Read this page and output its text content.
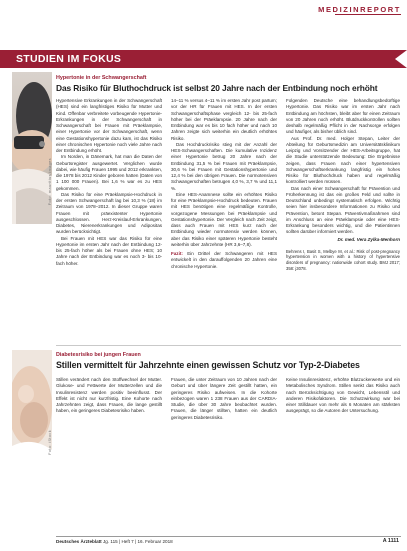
MEDIZINREPORT
STUDIEN IM FOKUS
Foto: mauritius images
Hypertonie in der Schwangerschaft
Das Risiko für Bluthochdruck ist selbst 20 Jahre nach der Entbindung noch erhöht

Hypertensive Erkrankungen in der Schwangerschaft (HES) sind ein langfristiges Risiko für Mutter und Kind. Offenbar verbreitete vorbeugende Hypertonie-Erkrankungen in der Schwangerschaft in Schwangerschaft bei Frauen mit Präeklampsie, einer Hypertonie vor der Schwangerschaft, wenn eine Gestationshypertonie dazu kam, ist das Risiko einer chronischen Hypertonie noch viele Jahre nach der Entbindung erhöht.

Im Norden, in Dänemark, hat man die Daten der Geburtsregister ausgewertet. Verglichen wurde dabei, wie häufig Frauen 1995 und 2012 erkrankten, die 1978 bis 2012 Kinder geboren hatten (Daten von 1 100 000 Frauen). Bei 1,6 % war es zu HES gekommen.

Das Risiko für eine Präeklampsie-Hochdruck in der ersten Schwangerschaft lag bei 10,3 % (18) im Zeitraum von 1978–2012. In dieser Gruppe waren Frauen mit präexistenter Hypertonie ausgeschlossen. Herz-Kreislauf-Erkrankungen, Diabetes, Nierenerkrankungen und Adipositas wurden berücksichtigt.

Bei Frauen mit HES war das Risiko für eine Hypertonie im ersten Jahr nach der Entbindung 12- bis 25-fach höher als bei Frauen ohne HES; 10 Jahre nach der Entbindung war es noch 3- bis 10-fach höher.

14–11 % versus 4–11 % im ersten Jahr post partum; vor der HR für Frauen mit HES. In der ersten Schwangerschaftsphase vergleich 12- bis 25-fach höher bei der Präeklampsie. 20 Jahre nach der Entbindung war es bis 10 fach höher und nach 10 Jahren zeigte sich weiterhin ein deutlich erhöhtes Risiko.

Das Hochdruckrisiko stieg mit der Anzahl der HES-Schwangerschaften. Die kumulative Inzidenz einer Hypertonie betrug 20 Jahre nach der Entbindung 31,5 % bei Frauen mit Präeklampsie, 30,6 % bei Frauen mit Gestationshypertonie und 12,4 % bei den übrigen Frauen. Die normotensiven Schwangerschaften betrugen 4,0 %, 3,7 % und 11,1 %.

Eine HES-Anamnese sollte ein erhöhtes Risiko für eine Präeklampsie-Hochdruck bedeuten. Frauen mit HES benötigen eine regelmäßige Kontrolle, vorgezogene Messungen bei Präeklampsie und Gestationshypertonie. Der Vergleich nach Zeit zeigt, dass auch Frauen mit HES kurz nach der Entbindung wieder normotensiv werden können, aber das Risiko einer späteren Hypertonie besteht weiterhin über Jahrzehnte (HR 3,6–7,8).

Fazit: Ein Drittel der Schwangeren mit HES entwickelt in den darauffolgenden 20 Jahren eine chronische Hypertonie.

Folgenden Deutsche eine behandlungsbedürftige Hypertonie. Das Risiko war im ersten Jahr nach Entbindung am höchsten, bleibt aber für einen Zeitraum von 20 Jahren noch erhöht. Blutdruckkontrollen sollten deshalb regelmäßig Pflicht in der Nachsorge erfolgen und häufiger, als bisher üblich sind.

Aus Prof. Dr. med. Holger Stepan, Leiter der Abteilung für Geburtsmedizin am Universitätsklinikum Leipzig und Vorsitzender der HES-Arbeitsgruppe, hat die Studie unterstützende Bedeutung: Die Ergebnisse zeigen, dass Frauen nach einer hypertensiven Schwangerschaftserkrankung langfristig ein hohes Risiko für Bluthochdruck haben und regelmäßig kontrolliert werden müssen.

Das nach einer Schwangerschaft für Prävention und Früherkennung ist das ein großes Feld und sollte in Deutschland unbedingt systematisch erfolgen. Wichtig seien hier insbesondere Informationen zu Risiko und Prävention, betont Stepan. Präventivmaßnahmen sind im Anschluss an eine Präeklampsie oder eine HES-Erkrankung besonders wichtig, und die Patientinnen sollten darüber informiert werden.

Dr. med. Vera Zylka-Menhorn

Behrens I, Basit S, Melbye M, et al.: Risk of post-pregnancy hypertension in women with a history of hypertensive disorders of pregnancy: nationwide cohort study. BMJ 2017; 358: j3078.

Foto: iStock
Diabetesrisiko bei jungen Frauen
Stillen vermittelt für Jahrzehnte einen gewissen Schutz vor Typ-2-Diabetes

Stillen verändert nach den Stoffwechsel der Mutter. Glukose- und Fettwerte der Mutterzellen und die Insulinresistenz werden positiv beeinflusst. Der Effekt ist nicht nur kurzfristig. Eine Kohorte nach Jahrzehnten zeigt, dass Frauen, die lange gestillt haben, ein geringeres Diabetesrisiko haben.

Frauen, die unter Zeitraum von 10 Jahren nach der Geburt und über längere Zeit gestillt hatten, ein geringeres Risiko aufweisen. In die Kohorte einbezogen waren 1 238 Frauen aus der CARDIA-Studie, die über 30 Jahre beobachtet wurden. Frauen, die länger stillten, hatten ein deutlich geringeres Diabetesrisiko.

Keine Insulinresistenz, erhöhte Blutzuckerwerte und ein Metabolisches Syndrom. Stillen senkt das Risiko auch nach Berücksichtigung von Gewicht, Lebensstil und anderen Risikofaktoren. Die Schutzwirkung war bei einer Stilldauer von mehr als 6 Monaten am stärksten ausgeprägt, so die Autoren der Untersuchung.

Deutsches Ärzteblatt Jg. 115 | Heft 7 | 16. Februar 2018	A 1111
